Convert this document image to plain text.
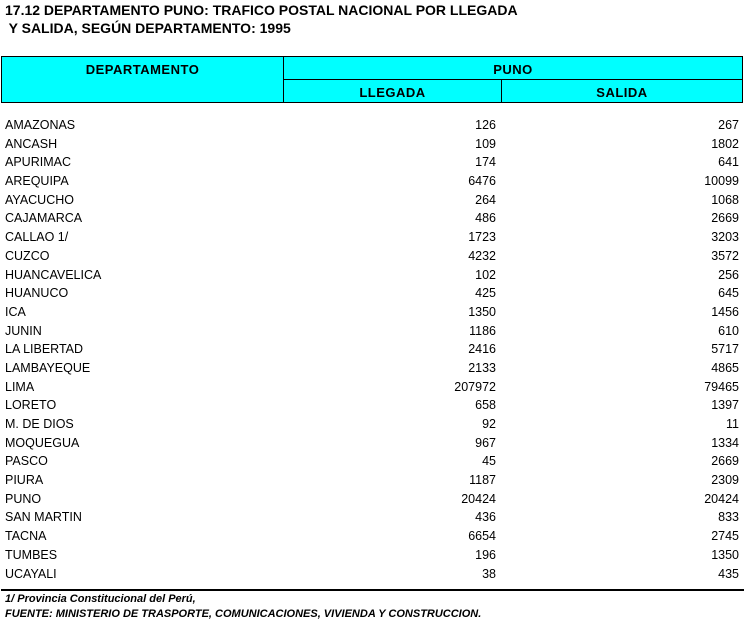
17.12 DEPARTAMENTO PUNO: TRAFICO POSTAL NACIONAL POR LLEGADA
Y SALIDA, SEGÚN DEPARTAMENTO: 1995
DEPARTAMENTO	PUNO
LLEGADA	SALIDA
AMAZONAS	126	267
ANCASH	109	1802
APURIMAC	174	641
AREQUIPA	6476	10099
AYACUCHO	264	1068
CAJAMARCA	486	2669
CALLAO 1/	1723	3203
CUZCO	4232	3572
HUANCAVELICA	102	256
HUANUCO	425	645
ICA	1350	1456
JUNIN	1186	610
LA LIBERTAD	2416	5717
LAMBAYEQUE	2133	4865
LIMA	207972	79465
LORETO	658	1397
M. DE DIOS	92	11
MOQUEGUA	967	1334
PASCO	45	2669
PIURA	1187	2309
PUNO	20424	20424
SAN MARTIN	436	833
TACNA	6654	2745
TUMBES	196	1350
UCAYALI	38	435
1/ Provincia Constitucional del Perú,
FUENTE: MINISTERIO DE TRASPORTE, COMUNICACIONES, VIVIENDA Y CONSTRUCCION.
